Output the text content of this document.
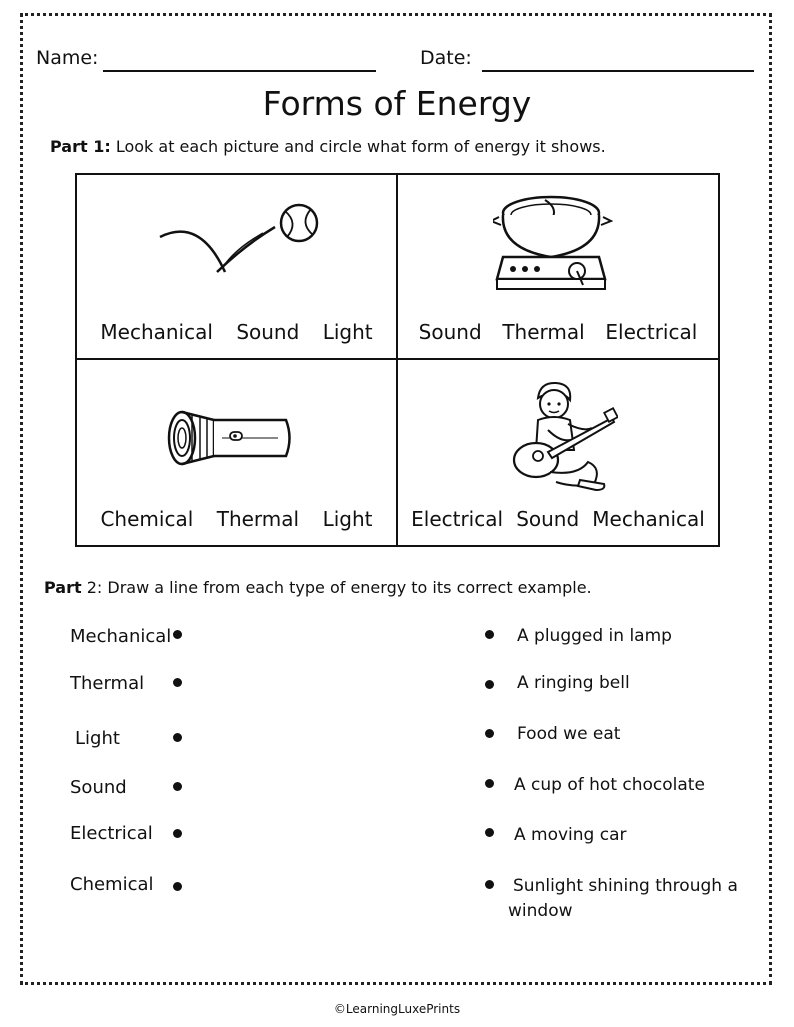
Name:	Date:
Forms of Energy
Part 1: Look at each picture and circle what form of energy it shows.
Mechanical Sound Light Sound Thermal Electrical
Chemical Thermal Light Electrical Sound Mechanical
Part 2: Draw a line from each type of energy to its correct example.
Mechanical
Thermal
Light
Sound
Electrical
Chemical
A plugged in lamp
A ringing bell
Food we eat
A cup of hot chocolate
A moving car
Sunlight shining through a
window
©LearningLuxePrints
